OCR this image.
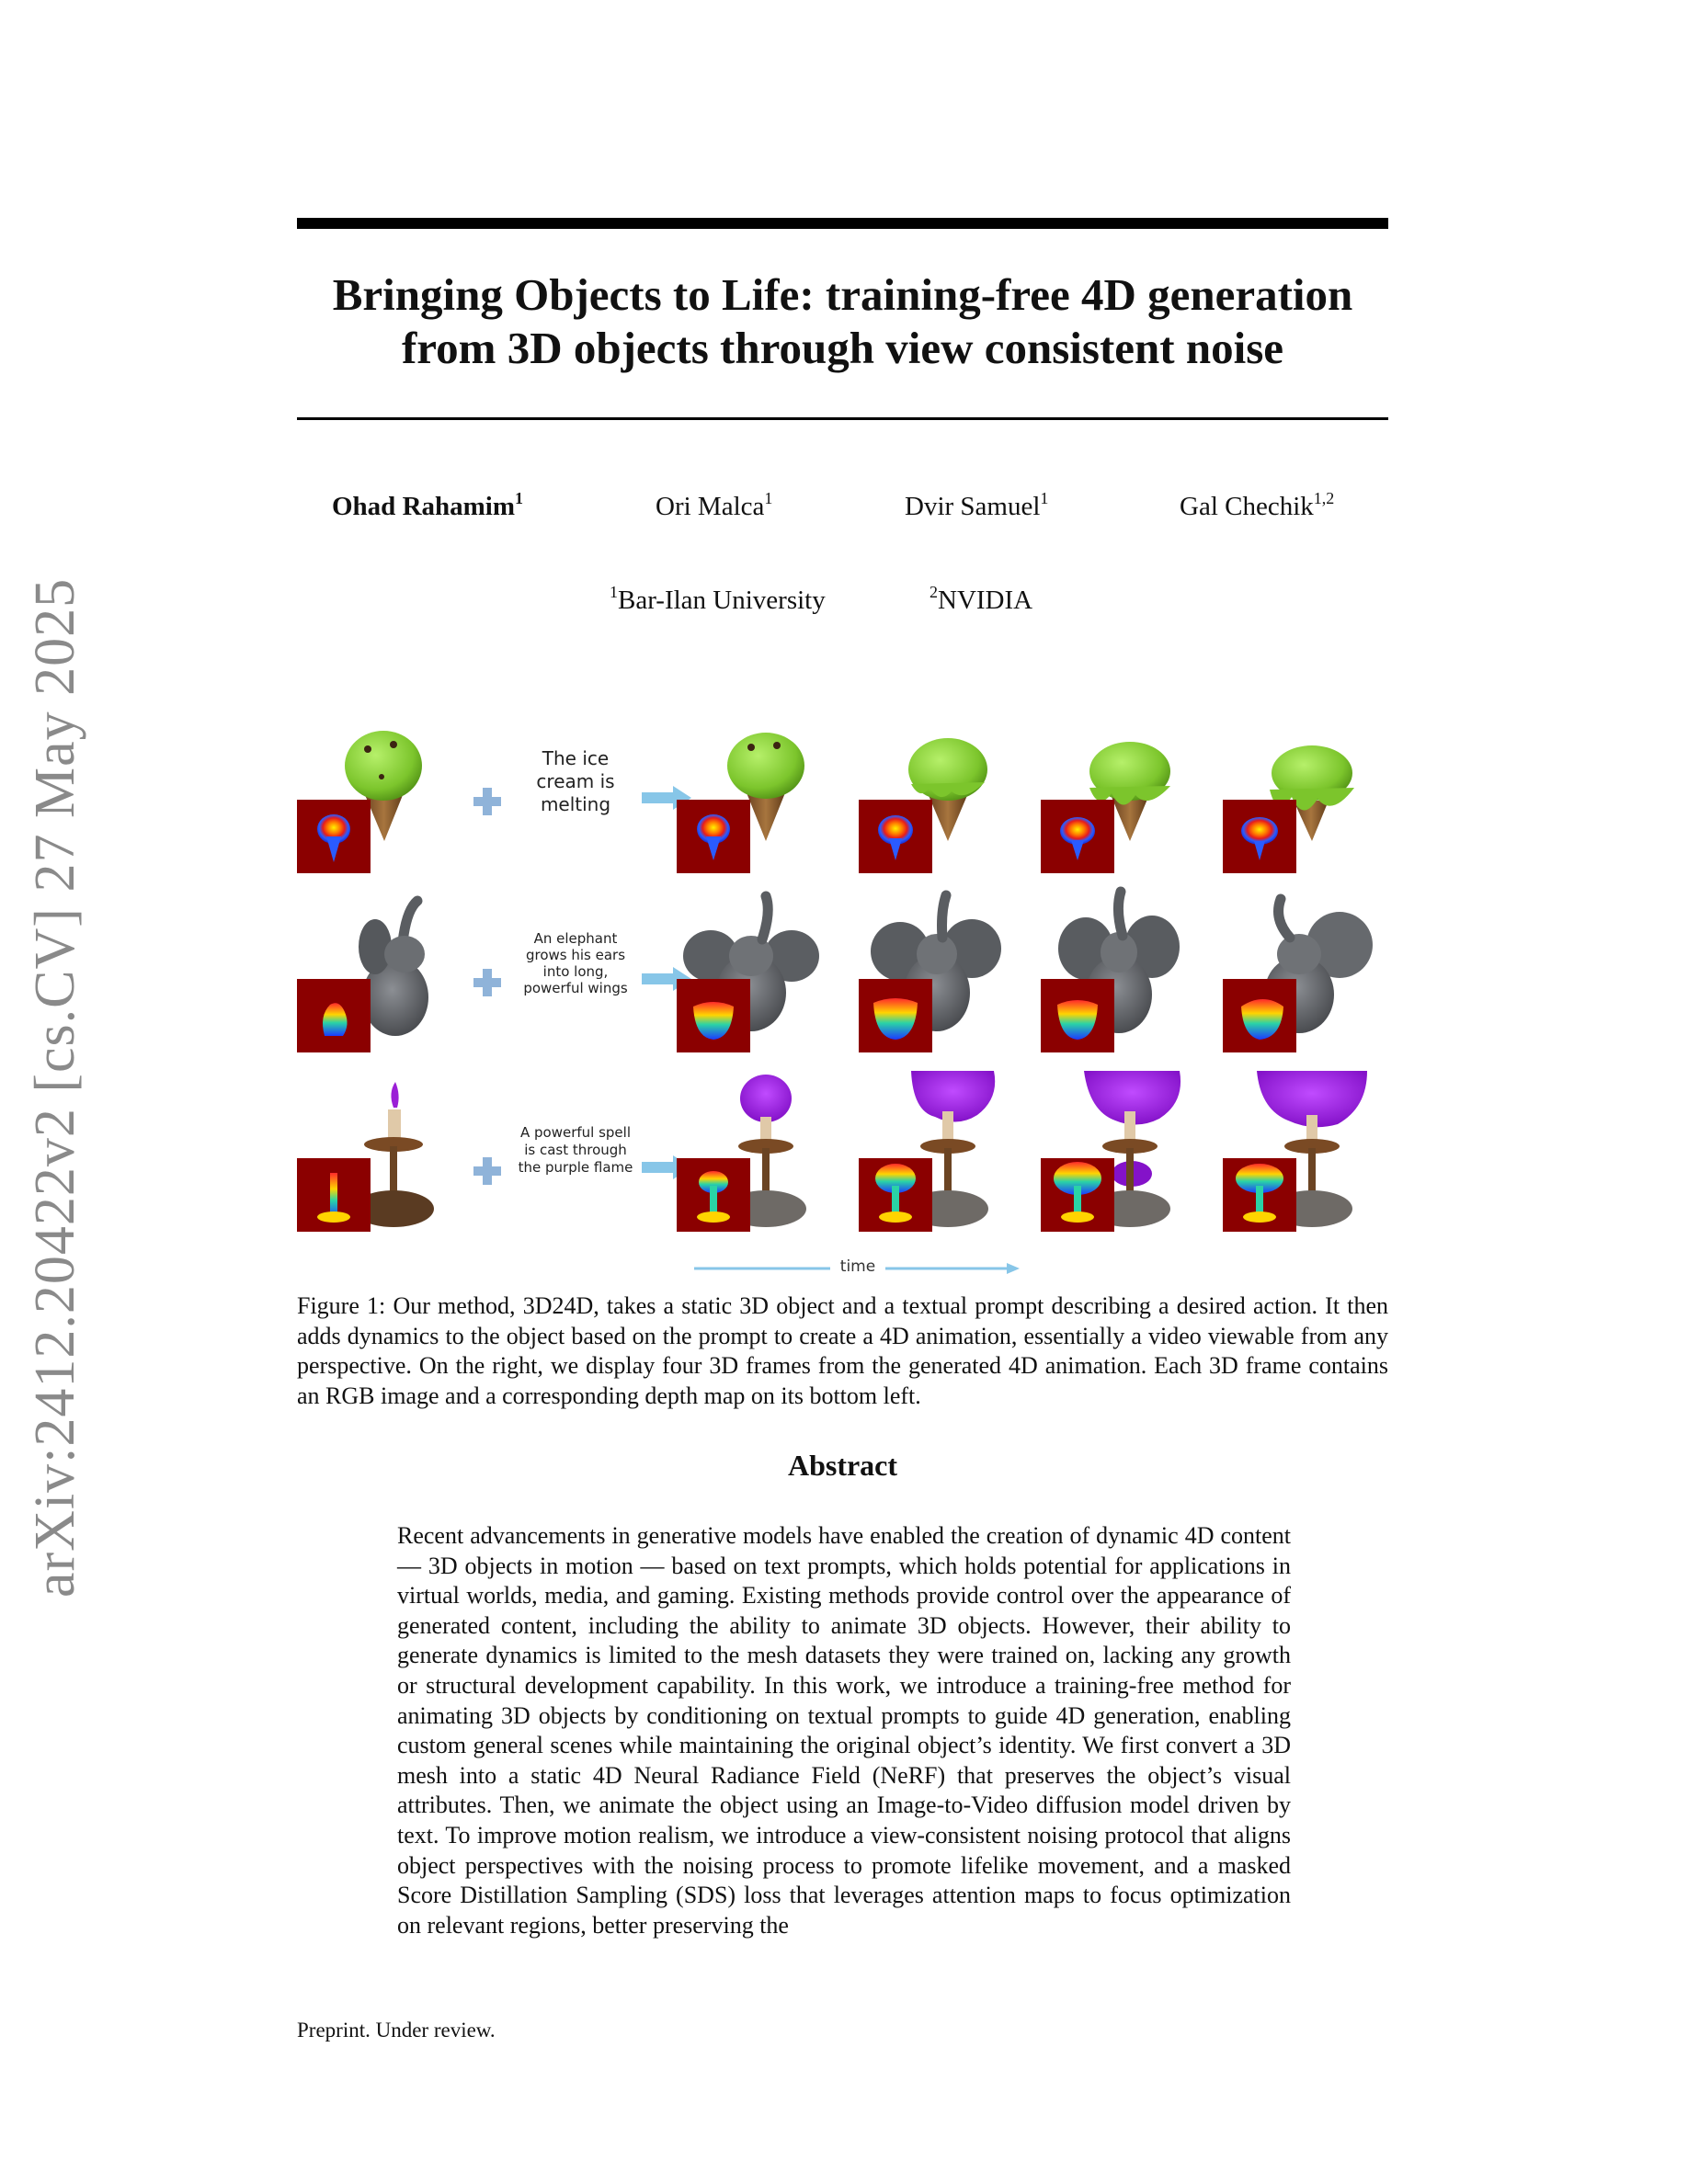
arXiv:2412.20422v2 [cs.CV] 27 May 2025
Bringing Objects to Life: training-free 4D generation
from 3D objects through view consistent noise
Ohad Rahamim$^1$	Ori Malca$^1$	Dvir Samuel$^1$	Gal Chechik$^{1,2}$
$^1$Bar-Ilan University	$^2$NVIDIA
The ice
cream is
melting
An elephant
grows his ears
into long,
powerful wings
A powerful spell
is cast through
the purple flame
time

Figure 1: Our method, 3D24D, takes a static 3D object and a textual prompt describing a desired action. It then adds dynamics to the object based on the prompt to create a 4D animation, essentially a video viewable from any perspective. On the right, we display four 3D frames from the generated 4D animation. Each 3D frame contains an RGB image and a corresponding depth map on its bottom left.

Abstract

Recent advancements in generative models have enabled the creation of dynamic 4D content — 3D objects in motion — based on text prompts, which holds potential for applications in virtual worlds, media, and gaming. Existing methods provide control over the appearance of generated content, including the ability to animate 3D objects. However, their ability to generate dynamics is limited to the mesh datasets they were trained on, lacking any growth or structural development capability. In this work, we introduce a training-free method for animating 3D objects by conditioning on textual prompts to guide 4D generation, enabling custom general scenes while maintaining the original object’s identity. We first convert a 3D mesh into a static 4D Neural Radiance Field (NeRF) that preserves the object’s visual attributes. Then, we animate the object using an Image-to-Video diffusion model driven by text. To improve motion realism, we introduce a view-consistent noising protocol that aligns object perspectives with the noising process to promote lifelike movement, and a masked Score Distillation Sampling (SDS) loss that leverages attention maps to focus optimization on relevant regions, better preserving the

Preprint. Under review.
